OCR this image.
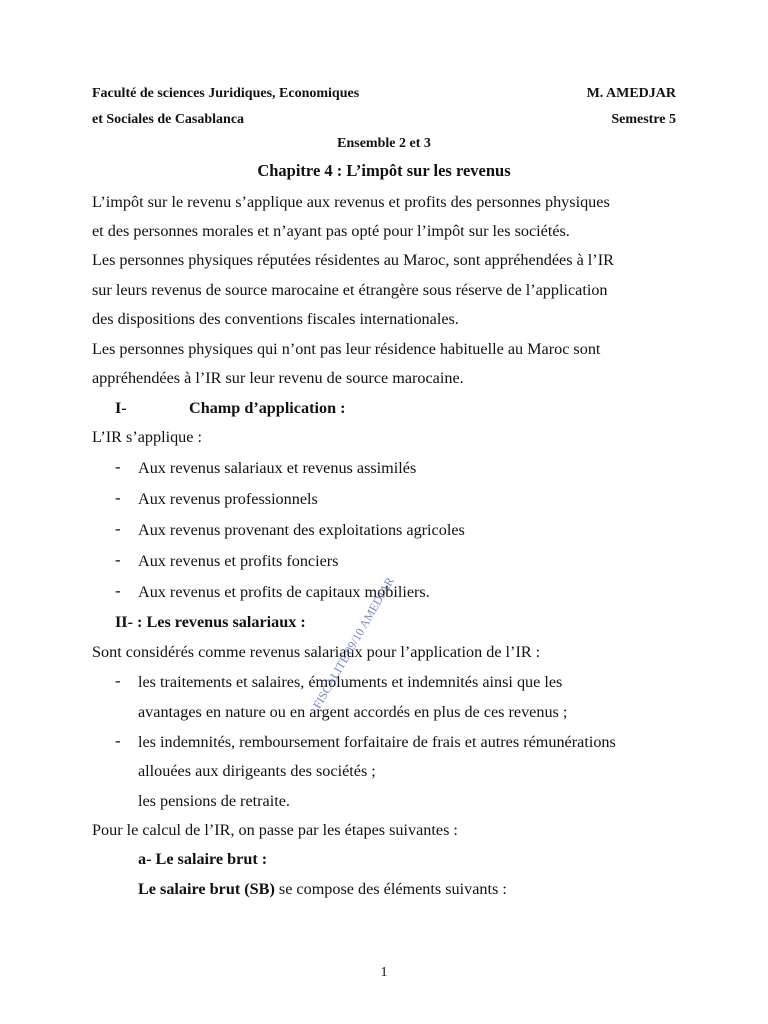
Faculté de sciences Juridiques, Economiques
et Sociales de Casablanca
M. AMEDJAR
Semestre 5
Ensemble 2 et 3
Chapitre 4 : L’impôt sur les revenus
L’impôt sur le revenu s’applique aux revenus et profits des personnes physiques
et des personnes morales et n’ayant pas opté pour l’impôt sur les sociétés.
Les personnes physiques réputées résidentes au Maroc, sont appréhendées à l’IR
sur leurs revenus de source marocaine et étrangère sous réserve de l’application
des dispositions des conventions fiscales internationales.
Les personnes physiques qui n’ont pas leur résidence habituelle au Maroc sont
appréhendées à l’IR sur leur revenu de source marocaine.
I-	Champ d’application :
L’IR s’applique :
- Aux revenus salariaux et revenus assimilés
- Aux revenus professionnels
- Aux revenus provenant des exploitations agricoles
- Aux revenus et profits fonciers
- Aux revenus et profits de capitaux mobiliers.
II- : Les revenus salariaux :
Sont considérés comme revenus salariaux pour l’application de l’IR :
- les traitements et salaires, émoluments et indemnités ainsi que les
avantages en nature ou en argent accordés en plus de ces revenus ;
- les indemnités, remboursement forfaitaire de frais et autres rémunérations
allouées aux dirigeants des sociétés ;
les pensions de retraite.
Pour le calcul de l’IR, on passe par les étapes suivantes :
a- Le salaire brut :
Le salaire brut (SB) se compose des éléments suivants :
FISCALITE 09/10 AMEDJAR
1
